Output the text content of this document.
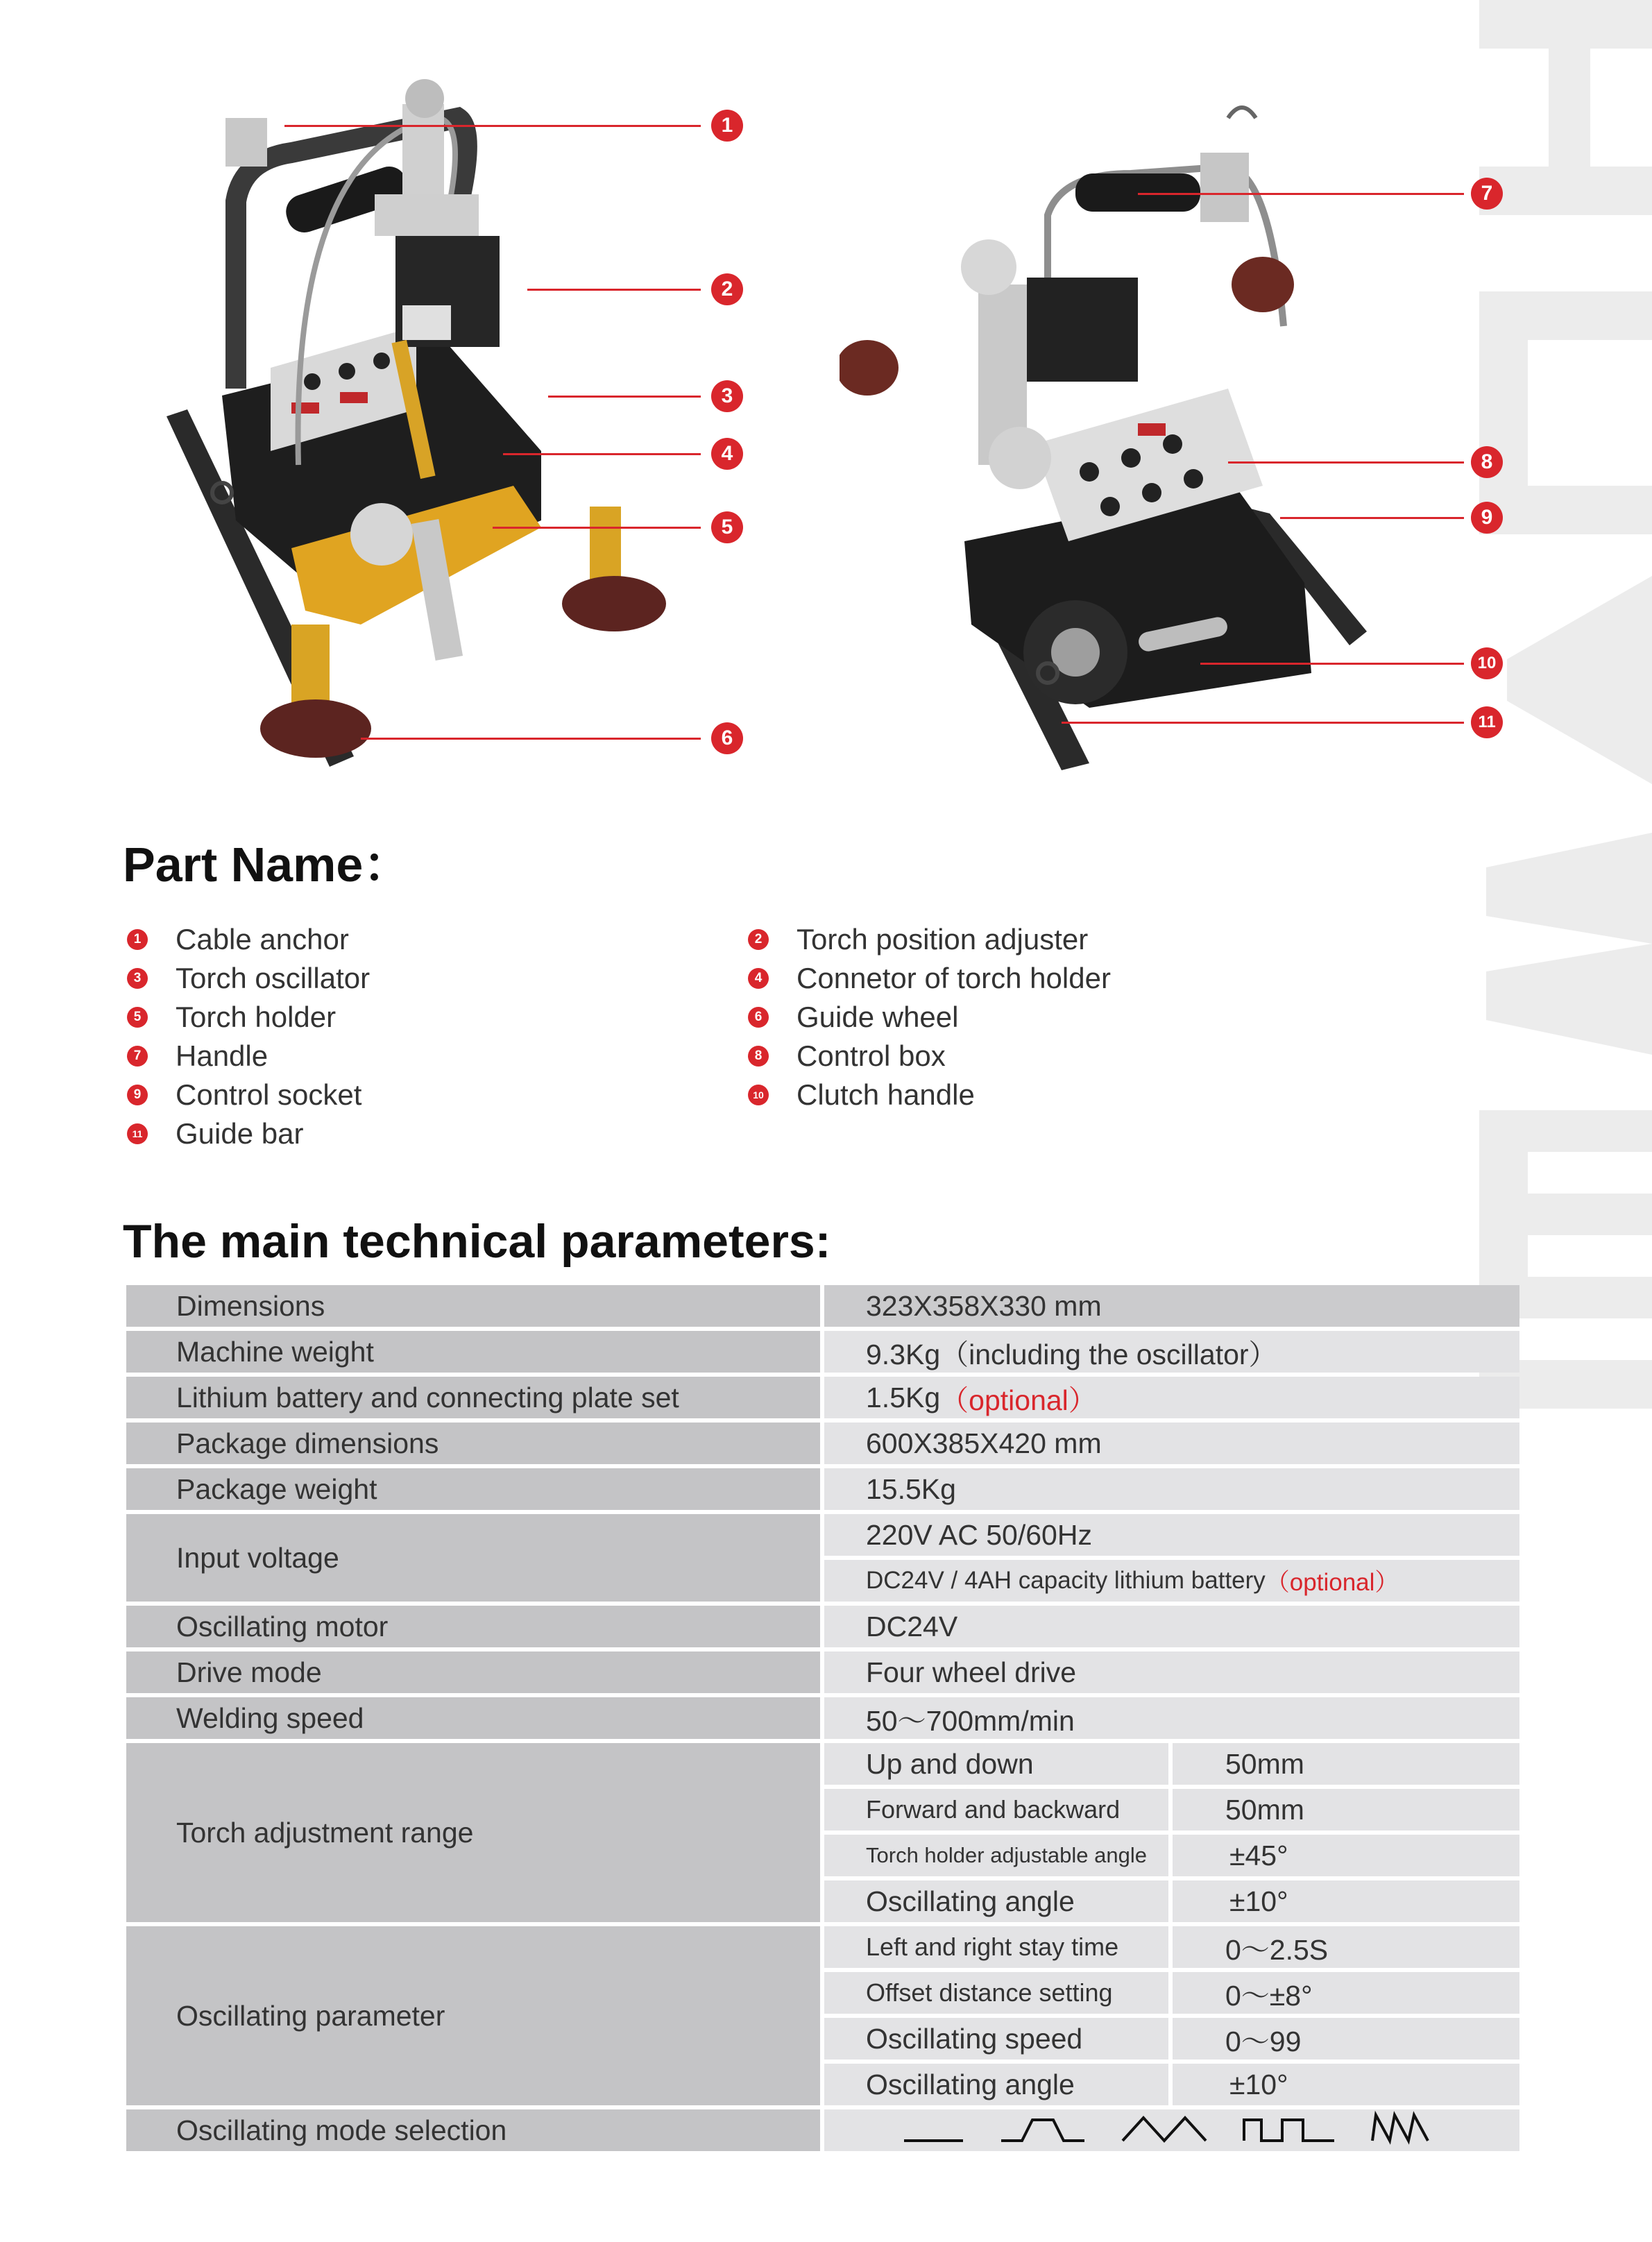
1
2
3
4
5
6
7
8
9
10
11
Part Name：
1 Cable anchor	2 Torch position adjuster
3 Torch oscillator	4 Connetor of torch holder
5 Torch holder	6 Guide wheel
7 Handle	8 Control box
9 Control socket	10 Clutch handle
11 Guide bar
The main technical parameters:
Dimensions	323X358X330 mm
Machine weight	9.3Kg（including the oscillator）
Lithium battery and connecting plate set	1.5Kg （optional）
Package dimensions	600X385X420 mm
Package weight	15.5Kg
Input voltage
220V AC 50/60Hz
DC24V / 4AH capacity lithium battery （optional）
Oscillating motor	DC24V
Drive mode	Four wheel drive
Welding speed	50～700mm/min
Torch adjustment range
Up and down	50mm
Forward and backward	50mm
Torch holder adjustable angle	±45°
Oscillating angle	±10°
Oscillating parameter
Left and right stay time	0～2.5S
Offset distance setting	0～±8°
Oscillating speed	0～99
Oscillating angle	±10°
Oscillating mode selection
